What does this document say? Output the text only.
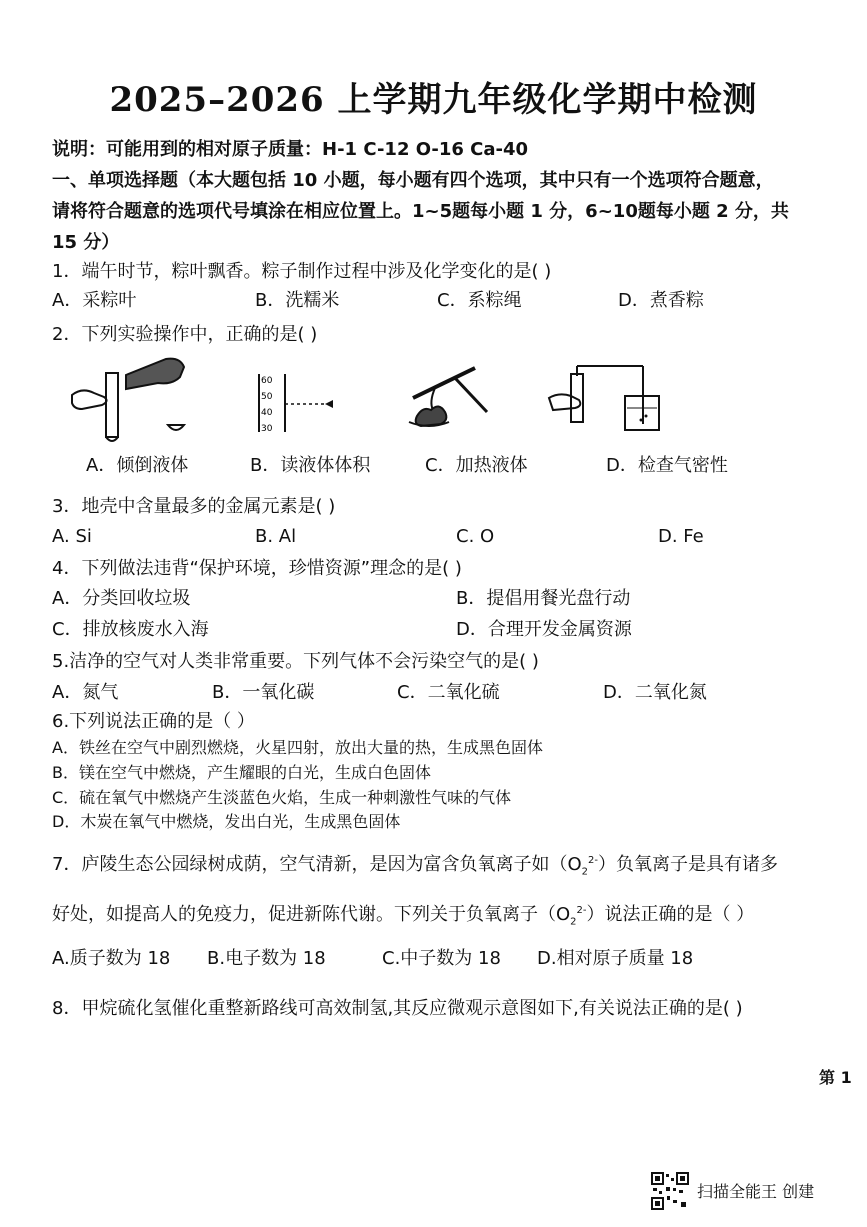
2025–2026 上学期九年级化学期中检测
说明：可能用到的相对原子质量：H-1 C-12 O-16 Ca-40
一、单项选择题（本大题包括 10 小题，每小题有四个选项，其中只有一个选项符合题意，
请将符合题意的选项代号填涂在相应位置上。1~5题每小题 1 分，6~10题每小题 2 分，共
15 分）
1．端午时节，粽叶飘香。粽子制作过程中涉及化学变化的是( )
A．采粽叶	B．洗糯米	C．系粽绳	D．煮香粽
2．下列实验操作中，正确的是( )
A．倾倒液体
60
50
40
30
B．读液体体积	C．加热液体	D．检查气密性
3．地壳中含量最多的金属元素是( )
A. Si	B. Al	C. O	D. Fe
4．下列做法违背“保护环境，珍惜资源”理念的是( )
A．分类回收垃圾	B．提倡用餐光盘行动
C．排放核废水入海	D．合理开发金属资源
5.洁净的空气对人类非常重要。下列气体不会污染空气的是( )
A．氮气	B．一氧化碳	C．二氧化硫	D．二氧化氮
6.下列说法正确的是（ ）
A．铁丝在空气中剧烈燃烧，火星四射，放出大量的热，生成黑色固体
B．镁在空气中燃烧，产生耀眼的白光，生成白色固体
C．硫在氧气中燃烧产生淡蓝色火焰，生成一种刺激性气味的气体
D．木炭在氧气中燃烧，发出白光，生成黑色固体
7．庐陵生态公园绿树成荫，空气清新，是因为富含负氧离子如$(O_2^{2-})$负氧离子是具有诸多
好处，如提高人的免疫力，促进新陈代谢。下列关于负氧离子$(O_2^{2-})$说法正确的是（ ）
A.质子数为 18 B.电子数为 18	C.中子数为 18 D.相对原子质量 18
8．甲烷硫化氢催化重整新路线可高效制氢,其反应微观示意图如下,有关说法正确的是( )
第 1
扫描全能王 创建
